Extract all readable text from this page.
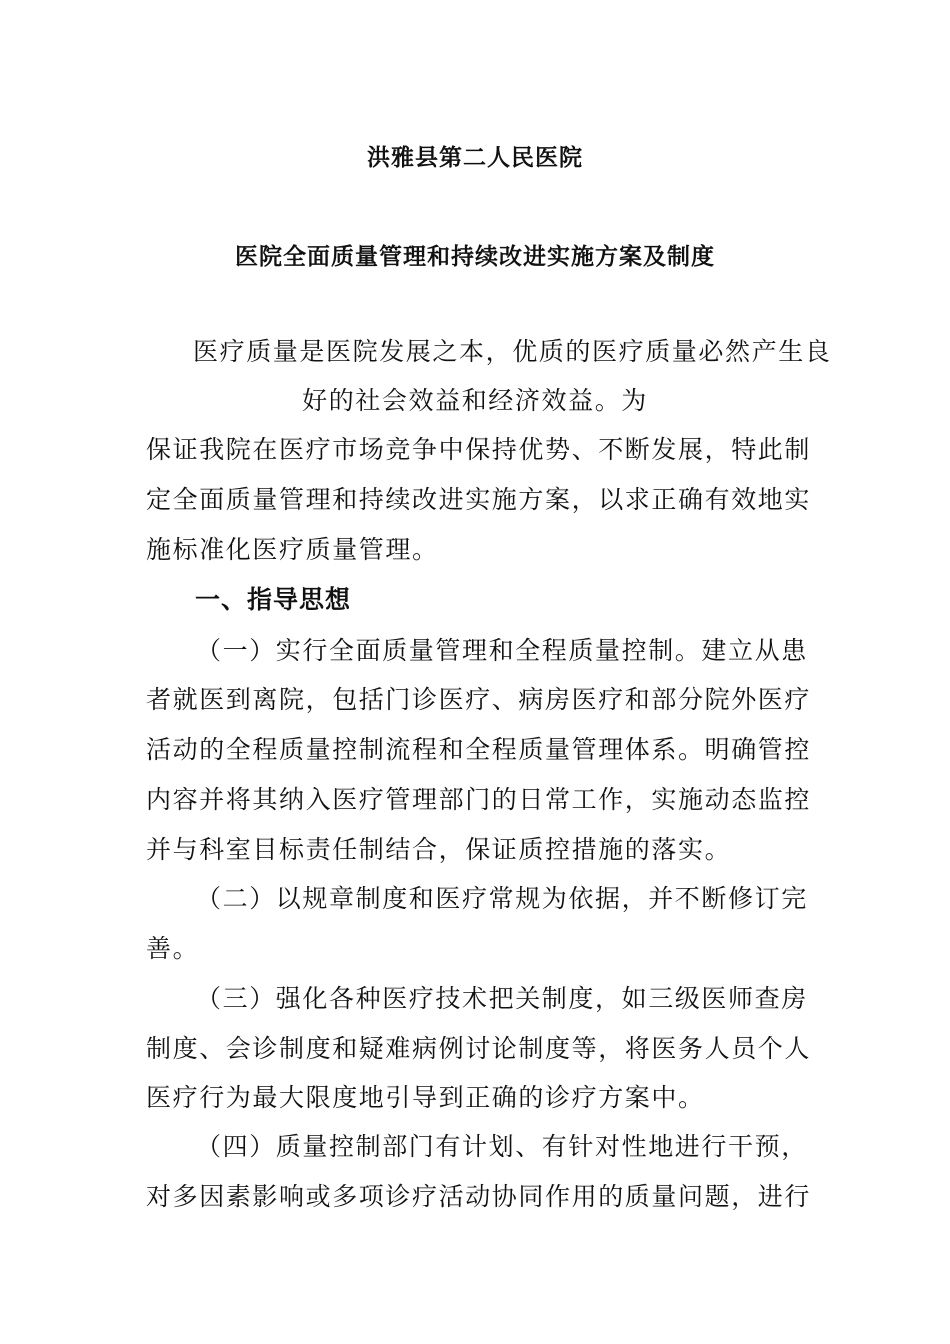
洪雅县第二人民医院
医院全面质量管理和持续改进实施方案及制度
医疗质量是医院发展之本，优质的医疗质量必然产生良
好的社会效益和经济效益。为
保证我院在医疗市场竞争中保持优势、不断发展，特此制
定全面质量管理和持续改进实施方案，以求正确有效地实
施标准化医疗质量管理。
一、指导思想
（一）实行全面质量管理和全程质量控制。建立从患
者就医到离院，包括门诊医疗、病房医疗和部分院外医疗
活动的全程质量控制流程和全程质量管理体系。明确管控
内容并将其纳入医疗管理部门的日常工作，实施动态监控
并与科室目标责任制结合，保证质控措施的落实。
（二）以规章制度和医疗常规为依据，并不断修订完
善。
（三）强化各种医疗技术把关制度，如三级医师查房
制度、会诊制度和疑难病例讨论制度等，将医务人员个人
医疗行为最大限度地引导到正确的诊疗方案中。
（四）质量控制部门有计划、有针对性地进行干预，
对多因素影响或多项诊疗活动协同作用的质量问题，进行
